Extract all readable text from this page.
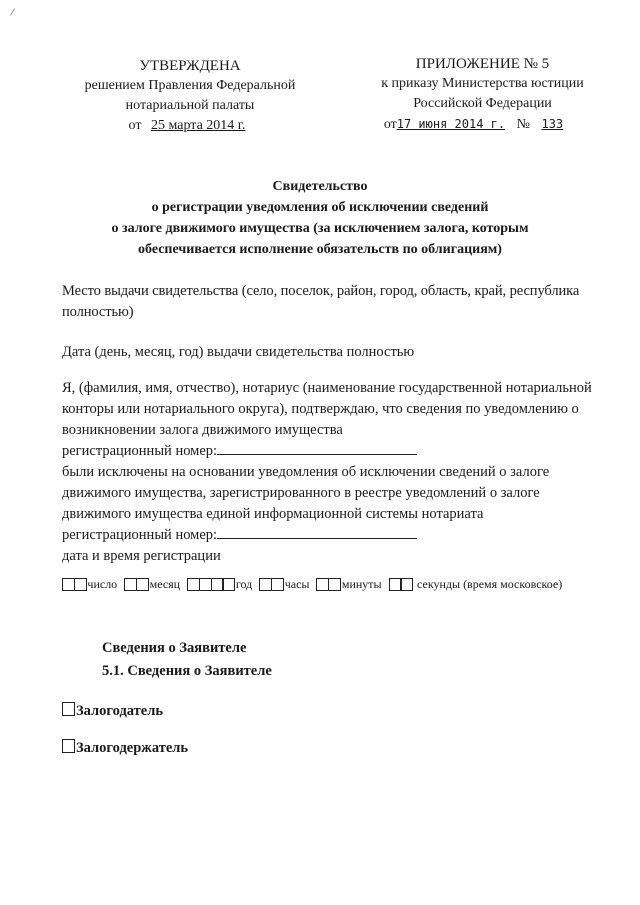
УТВЕРЖДЕНА
решением Правления Федеральной
нотариальной палаты
от 25 марта 2014 г.
ПРИЛОЖЕНИЕ № 5
к приказу Министерства юстиции
Российской Федерации
от17 июня 2014 г. № 133
Свидетельство
о регистрации уведомления об исключении сведений
о залоге движимого имущества (за исключением залога, которым
обеспечивается исполнение обязательств по облигациям)
Место выдачи свидетельства (село, поселок, район, город, область, край, республика
полностью)
Дата (день, месяц, год) выдачи свидетельства полностью
Я, (фамилия, имя, отчество), нотариус (наименование государственной нотариальной
конторы или нотариального округа), подтверждаю, что сведения по уведомлению о
возникновении залога движимого имущества
регистрационный номер:
были исключены на основании уведомления об исключении сведений о залоге
движимого имущества, зарегистрированного в реестре уведомлений о залоге
движимого имущества единой информационной системы нотариата
регистрационный номер:
дата и время регистрации
число	месяц	год	часы	минуты	секунды (время московское)
Сведения о Заявителе
5.1. Сведения о Заявителе
Залогодатель
Залогодержатель
